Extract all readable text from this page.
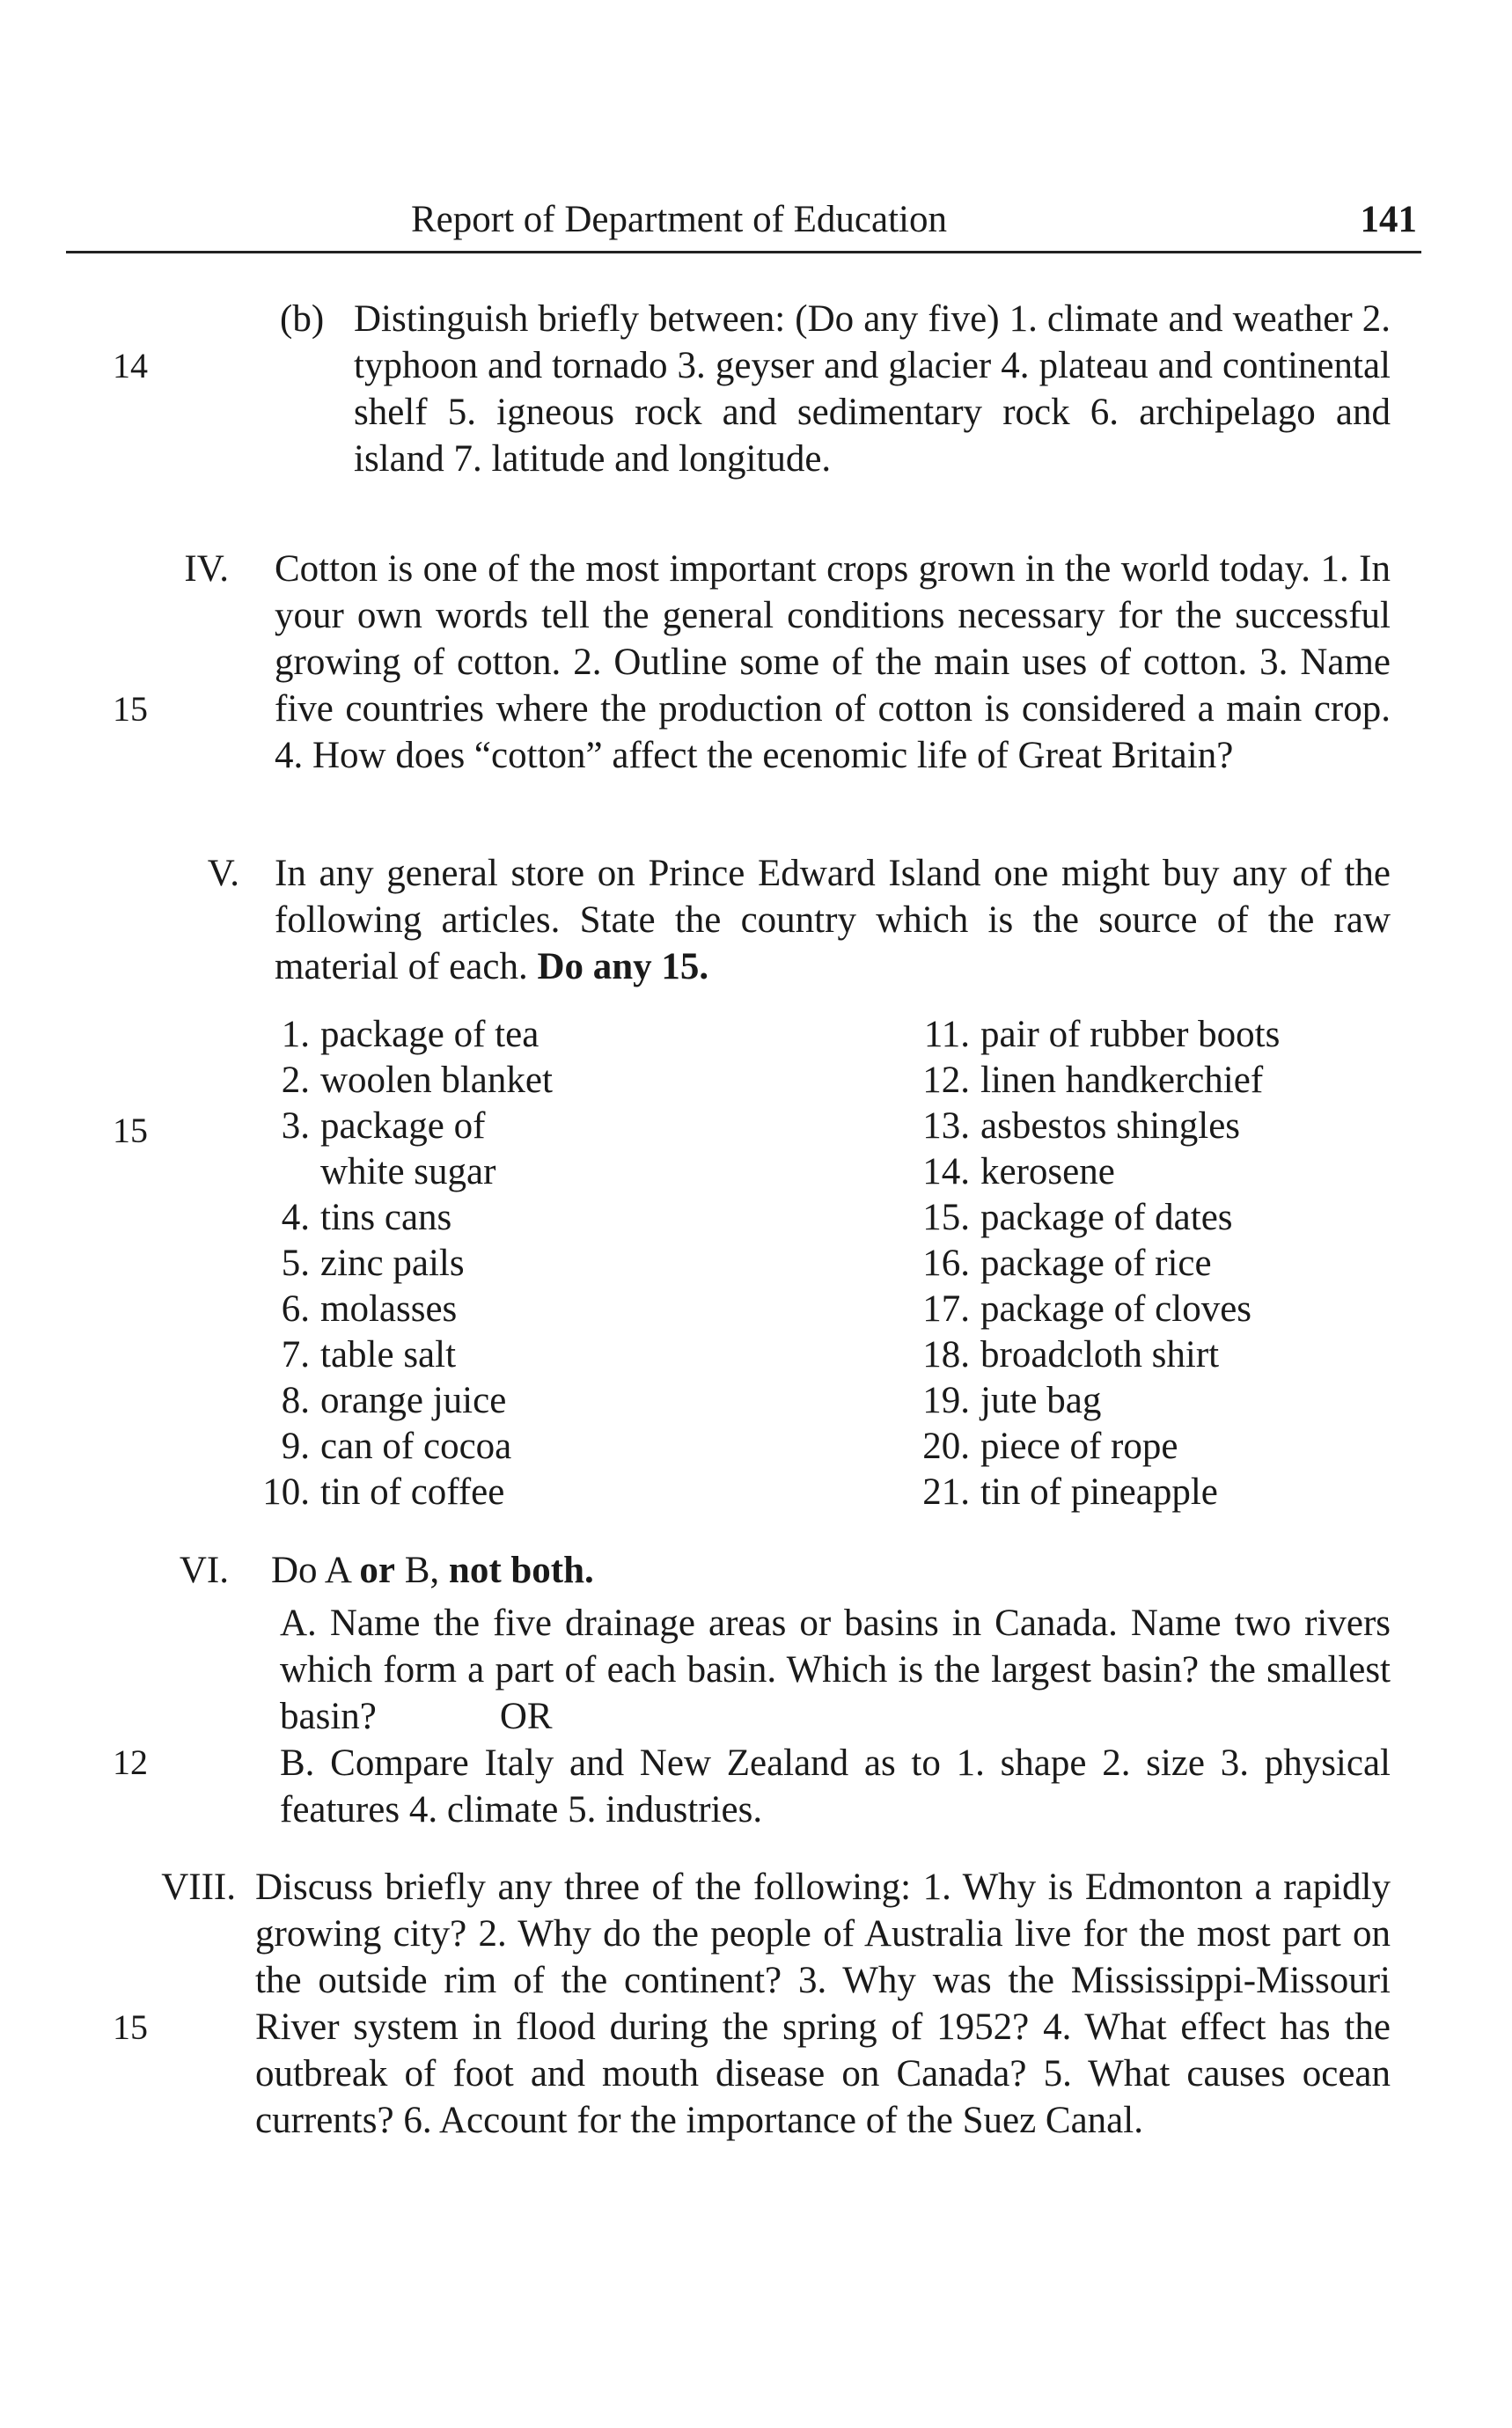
Report of Department of Education	141
14
(b) Distinguish briefly between: (Do any five) 1. climate and weather 2. typhoon and tornado 3. geyser and glacier 4. plateau and continental shelf 5. igneous rock and sedimentary rock 6. archipelago and island 7. latitude and longitude.
IV.
15
Cotton is one of the most important crops grown in the world today. 1. In your own words tell the general conditions necessary for the successful growing of cotton. 2. Outline some of the main uses of cotton. 3. Name five countries where the production of cotton is considered a main crop. 4. How does “cotton” affect the ecenomic life of Great Britain?
V. In any general store on Prince Edward Island one might buy any of the following articles. State the country which is the source of the raw material of each. Do any 15.
15
1. package of tea
2. woolen blanket
3. package of
white sugar
4. tins cans
5. zinc pails
6. molasses
7. table salt
8. orange juice
9. can of cocoa
10. tin of coffee
11. pair of rubber boots
12. linen handkerchief
13. asbestos shingles
14. kerosene
15. package of dates
16. package of rice
17. package of cloves
18. broadcloth shirt
19. jute bag
20. piece of rope
21. tin of pineapple
VI. Do A or B, not both.
A. Name the five drainage areas or basins in Canada. Name two rivers which form a part of each basin. Which is the largest basin? the smallest basin?	OR
12	B. Compare Italy and New Zealand as to 1. shape 2. size 3. physical features 4. climate 5. industries.
VIII.
15
Discuss briefly any three of the following: 1. Why is Edmonton a rapidly growing city? 2. Why do the people of Australia live for the most part on the outside rim of the continent? 3. Why was the Mississippi-Missouri River system in flood during the spring of 1952? 4. What effect has the outbreak of foot and mouth disease on Canada? 5. What causes ocean currents? 6. Account for the importance of the Suez Canal.
